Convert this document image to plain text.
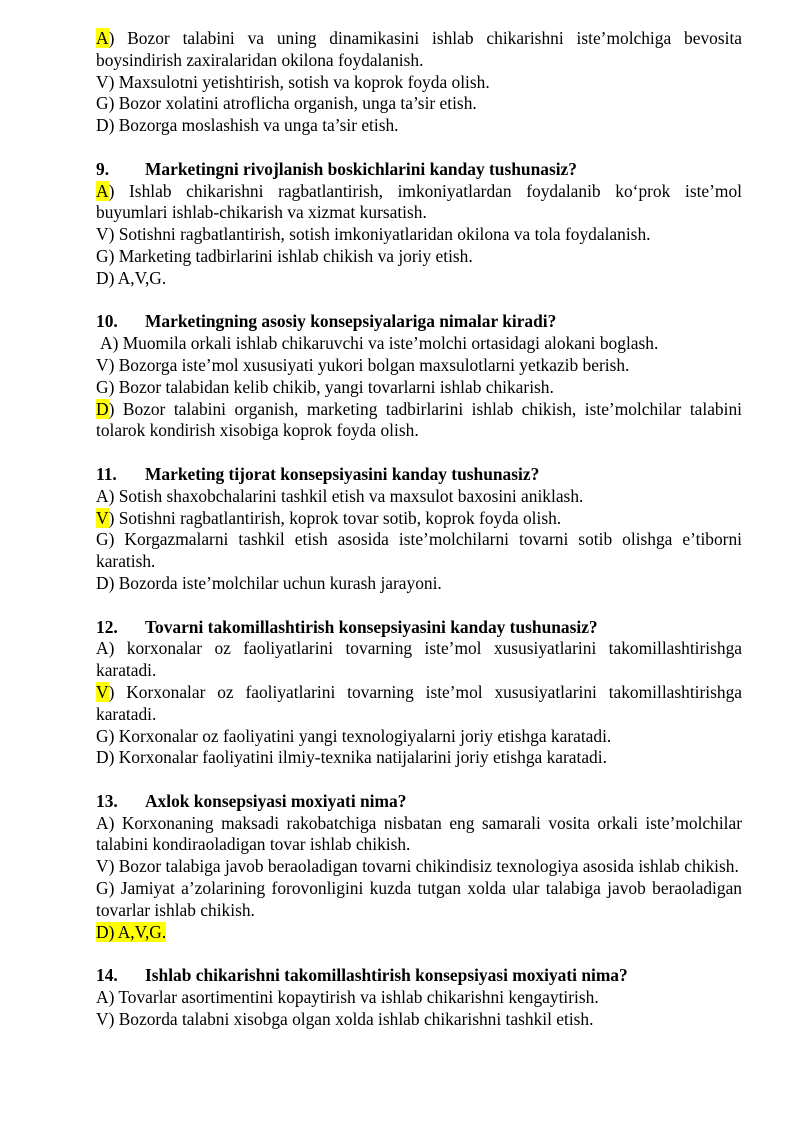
A) Bozor talabini va uning dinamikasini ishlab chikarishni iste’molchiga bevosita boysindirish zaxiralaridan okilona foydalanish.
V) Maxsulotni yetishtirish, sotish va koprok foyda olish.
G) Bozor xolatini atroflicha organish, unga ta’sir etish.
D) Bozorga moslashish va unga ta’sir etish.
9.	Marketingni rivojlanish boskichlarini kanday tushunasiz?
A) Ishlab chikarishni ragbatlantirish, imkoniyatlardan foydalanib ko‘prok iste’mol buyumlari ishlab-chikarish va xizmat kursatish.
V) Sotishni ragbatlantirish, sotish imkoniyatlaridan okilona va tola foydalanish.
G) Marketing tadbirlarini ishlab chikish va joriy etish.
D) A,V,G.
10.	Marketingning asosiy konsepsiyalariga nimalar kiradi?
A) Muomila orkali ishlab chikaruvchi va iste’molchi ortasidagi alokani boglash.
V) Bozorga iste’mol xususiyati yukori bolgan maxsulotlarni yetkazib berish.
G) Bozor talabidan kelib chikib, yangi tovarlarni ishlab chikarish.
D) Bozor talabini organish, marketing tadbirlarini ishlab chikish, iste’molchilar talabini tolarok kondirish xisobiga koprok foyda olish.
11.	Marketing tijorat konsepsiyasini kanday tushunasiz?
A) Sotish shaxobchalarini tashkil etish va maxsulot baxosini aniklash.
V) Sotishni ragbatlantirish, koprok tovar sotib, koprok foyda olish.
G) Korgazmalarni tashkil etish asosida iste’molchilarni tovarni sotib olishga e’tiborni karatish.
D) Bozorda iste’molchilar uchun kurash jarayoni.
12.	Tovarni takomillashtirish konsepsiyasini kanday tushunasiz?
A) korxonalar oz faoliyatlarini tovarning iste’mol xususiyatlarini takomillashtirishga karatadi.
V) Korxonalar oz faoliyatlarini tovarning iste’mol xususiyatlarini takomillashtirishga karatadi.
G) Korxonalar oz faoliyatini yangi texnologiyalarni joriy etishga karatadi.
D) Korxonalar faoliyatini ilmiy-texnika natijalarini joriy etishga karatadi.
13.	Axlok konsepsiyasi moxiyati nima?
A) Korxonaning maksadi rakobatchiga nisbatan eng samarali vosita orkali iste’molchilar talabini kondiraoladigan tovar ishlab chikish.
V) Bozor talabiga javob beraoladigan tovarni chikindisiz texnologiya asosida ishlab chikish.
G) Jamiyat a’zolarining forovonligini kuzda tutgan xolda ular talabiga javob beraoladigan tovarlar ishlab chikish.
D) A,V,G.
14.	Ishlab chikarishni takomillashtirish konsepsiyasi moxiyati nima?
A) Tovarlar asortimentini kopaytirish va ishlab chikarishni kengaytirish.
V) Bozorda talabni xisobga olgan xolda ishlab chikarishni tashkil etish.
